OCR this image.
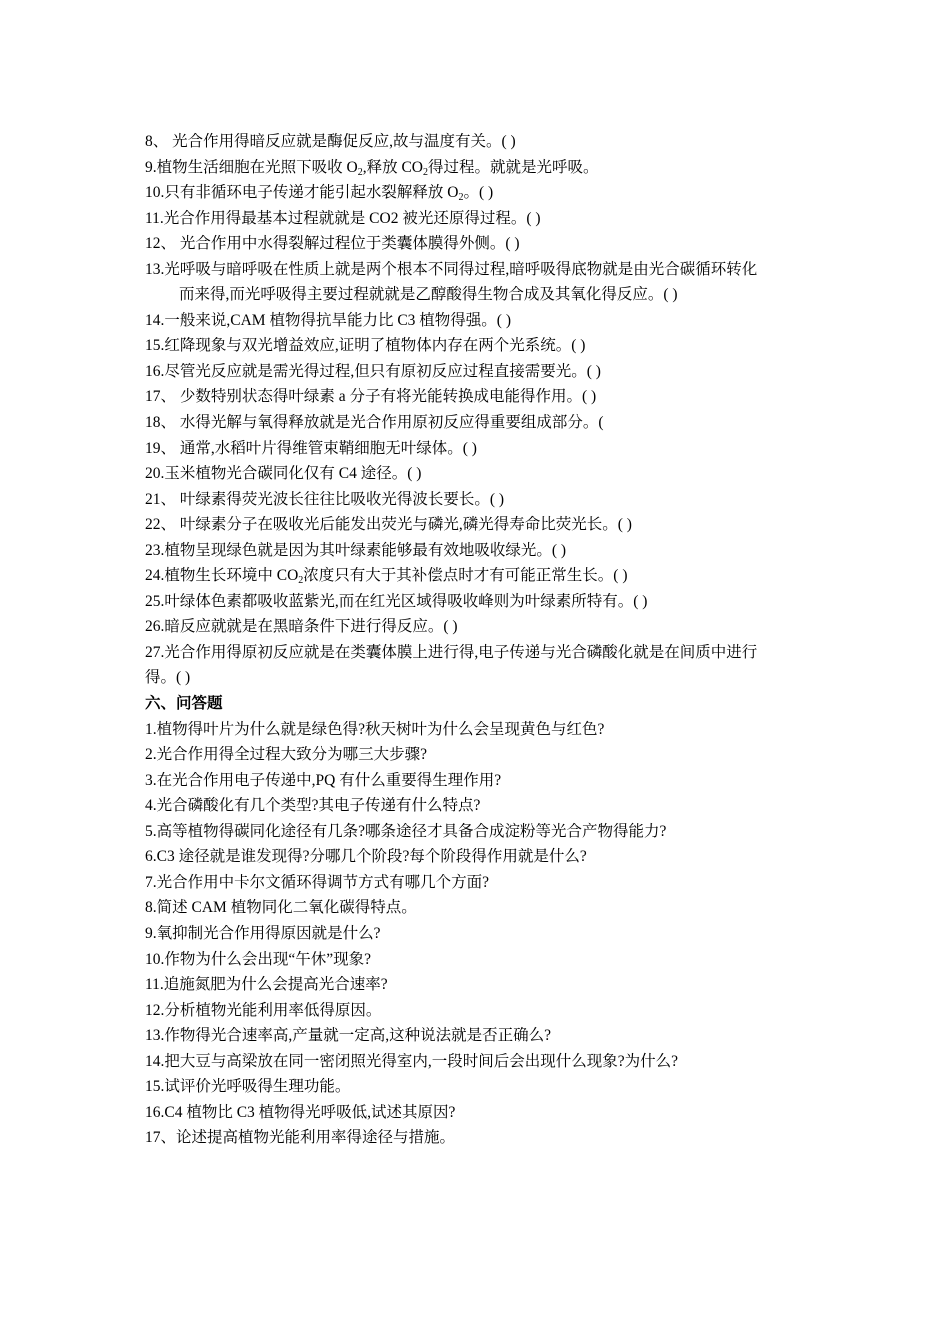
8、 光合作用得暗反应就是酶促反应,故与温度有关。( )
9.植物生活细胞在光照下吸收 $O_2$,释放 $CO_2$得过程。就就是光呼吸。
10.只有非循环电子传递才能引起水裂解释放 $O_2$。( )
11.光合作用得最基本过程就就是 CO2 被光还原得过程。( )
12、 光合作用中水得裂解过程位于类囊体膜得外侧。( )
13.光呼吸与暗呼吸在性质上就是两个根本不同得过程,暗呼吸得底物就是由光合碳循环转化
而来得,而光呼吸得主要过程就就是乙醇酸得生物合成及其氧化得反应。( )
14.一般来说,CAM 植物得抗旱能力比 C3 植物得强。( )
15.红降现象与双光增益效应,证明了植物体内存在两个光系统。( )
16.尽管光反应就是需光得过程,但只有原初反应过程直接需要光。( )
17、 少数特别状态得叶绿素 a 分子有将光能转换成电能得作用。( )
18、 水得光解与氧得释放就是光合作用原初反应得重要组成部分。(
19、 通常,水稻叶片得维管束鞘细胞无叶绿体。( )
20.玉米植物光合碳同化仅有 C4 途径。( )
21、 叶绿素得荧光波长往往比吸收光得波长要长。( )
22、 叶绿素分子在吸收光后能发出荧光与磷光,磷光得寿命比荧光长。( )
23.植物呈现绿色就是因为其叶绿素能够最有效地吸收绿光。( )
24.植物生长环境中 $CO_2$浓度只有大于其补偿点时才有可能正常生长。( )
25.叶绿体色素都吸收蓝紫光,而在红光区域得吸收峰则为叶绿素所特有。( )
26.暗反应就就是在黑暗条件下进行得反应。( )
27.光合作用得原初反应就是在类囊体膜上进行得,电子传递与光合磷酸化就是在间质中进行
得。( )
六、问答题
1.植物得叶片为什么就是绿色得?秋天树叶为什么会呈现黄色与红色?
2.光合作用得全过程大致分为哪三大步骤?
3.在光合作用电子传递中,PQ 有什么重要得生理作用?
4.光合磷酸化有几个类型?其电子传递有什么特点?
5.高等植物得碳同化途径有几条?哪条途径才具备合成淀粉等光合产物得能力?
6.C3 途径就是谁发现得?分哪几个阶段?每个阶段得作用就是什么?
7.光合作用中卡尔文循环得调节方式有哪几个方面?
8.简述 CAM 植物同化二氧化碳得特点。
9.氧抑制光合作用得原因就是什么?
10.作物为什么会出现“午休”现象?
11.追施氮肥为什么会提高光合速率?
12.分析植物光能利用率低得原因。
13.作物得光合速率高,产量就一定高,这种说法就是否正确么?
14.把大豆与高梁放在同一密闭照光得室内,一段时间后会出现什么现象?为什么?
15.试评价光呼吸得生理功能。
16.C4 植物比 C3 植物得光呼吸低,试述其原因?
17、论述提高植物光能利用率得途径与措施。
